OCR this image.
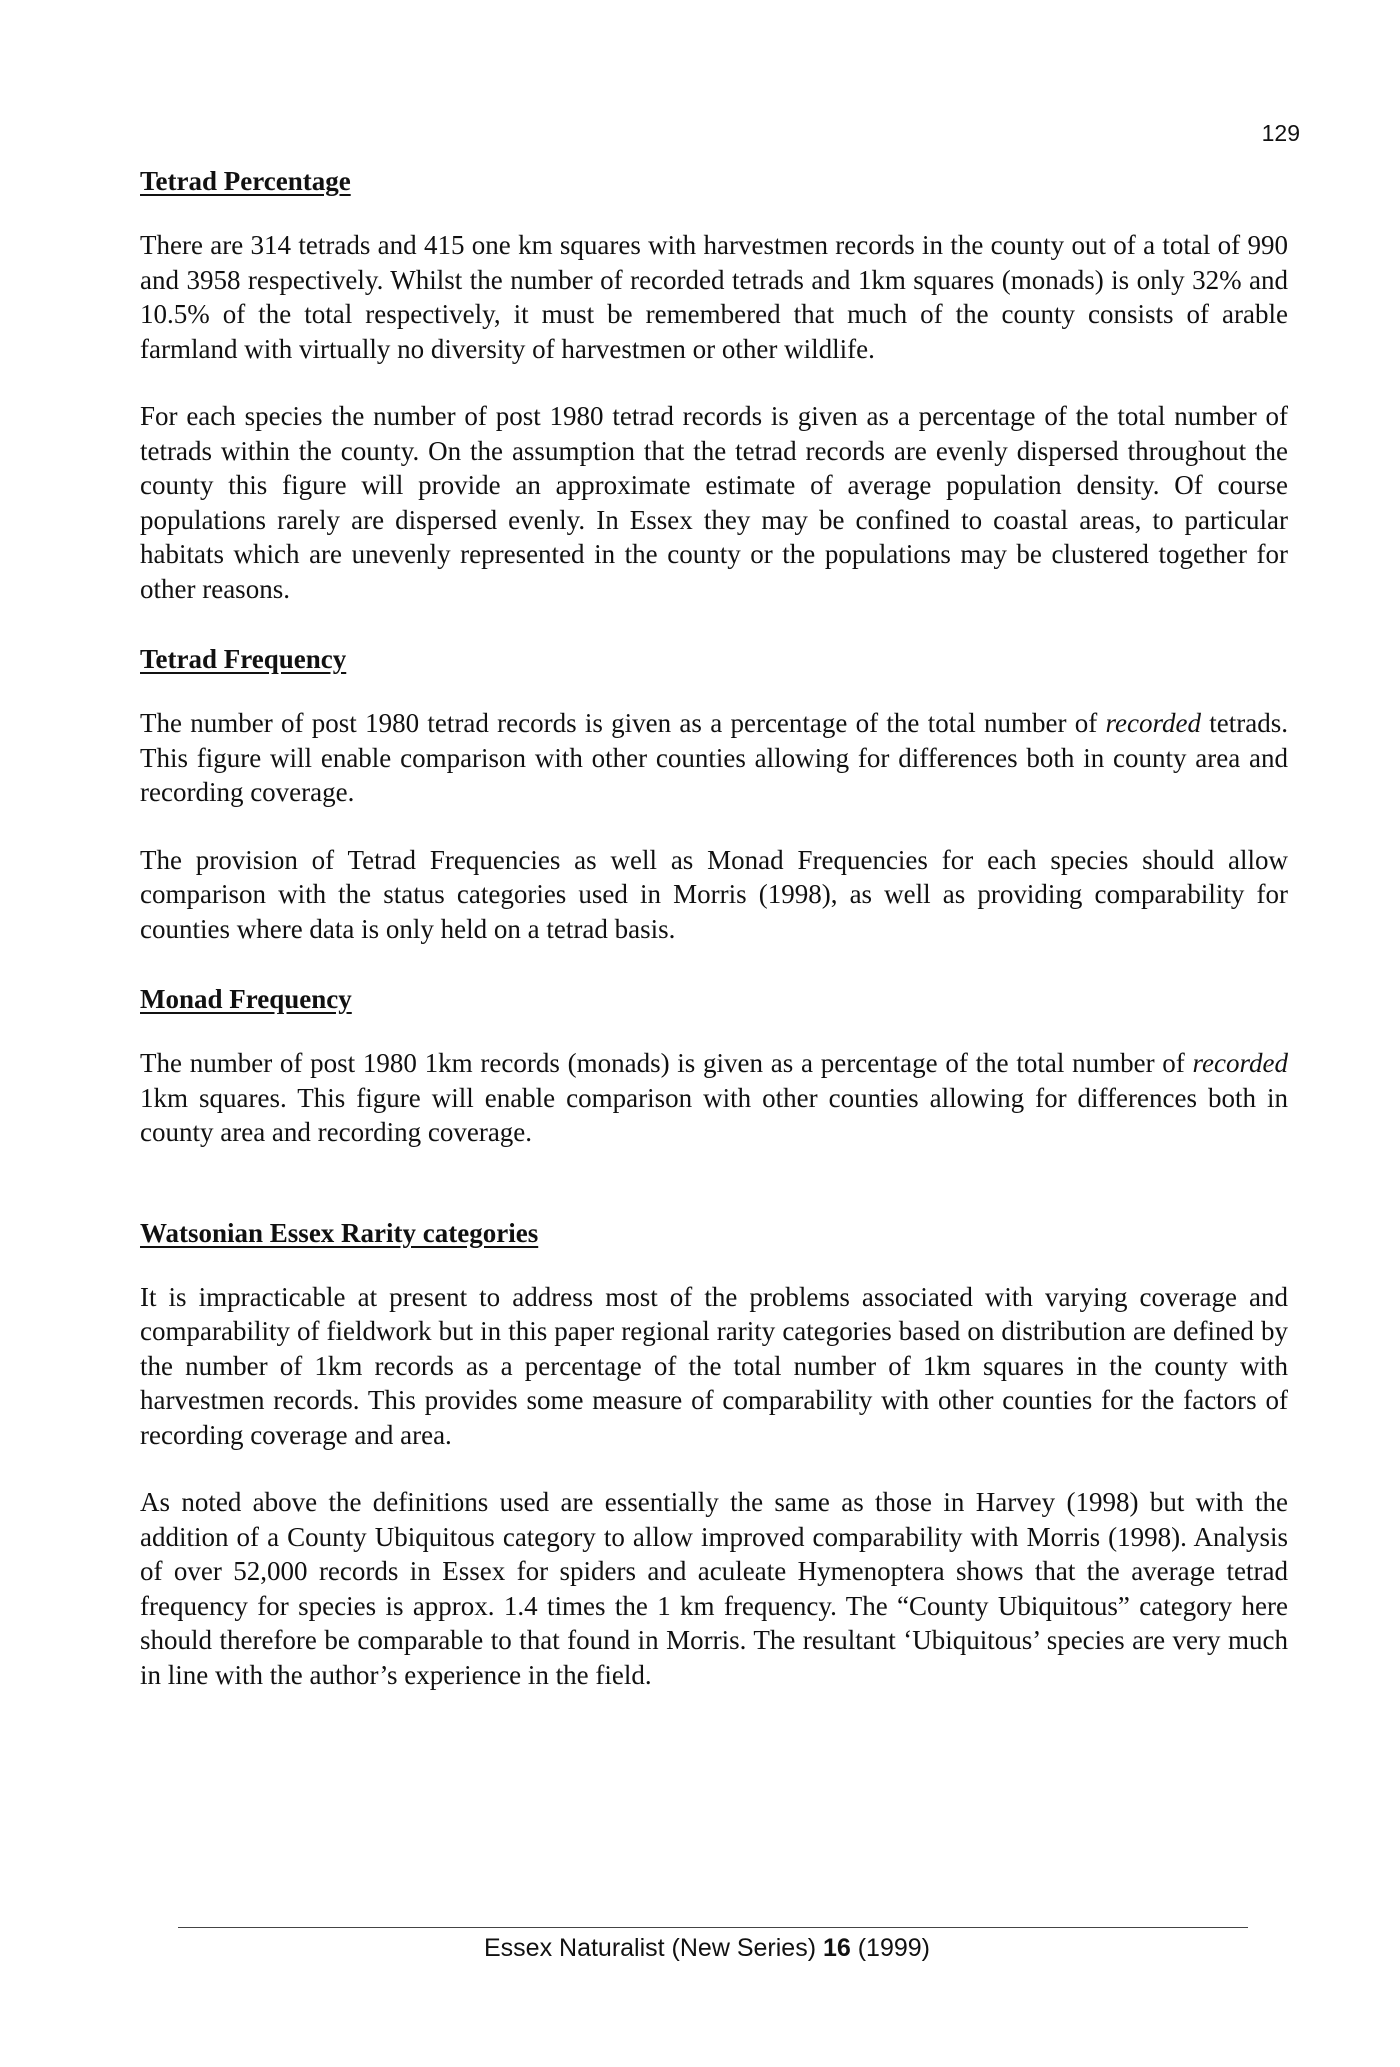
129
Tetrad Percentage

There are 314 tetrads and 415 one km squares with harvestmen records in the county out of a total of 990 and 3958 respectively. Whilst the number of recorded tetrads and 1km squares (monads) is only 32% and 10.5% of the total respectively, it must be remembered that much of the county consists of arable farmland with virtually no diversity of harvestmen or other wildlife.

For each species the number of post 1980 tetrad records is given as a percentage of the total number of tetrads within the county. On the assumption that the tetrad records are evenly dispersed throughout the county this figure will provide an approximate estimate of average population density. Of course populations rarely are dispersed evenly. In Essex they may be confined to coastal areas, to particular habitats which are unevenly represented in the county or the populations may be clustered together for other reasons.

Tetrad Frequency

The number of post 1980 tetrad records is given as a percentage of the total number of recorded tetrads. This figure will enable comparison with other counties allowing for differences both in county area and recording coverage.

The provision of Tetrad Frequencies as well as Monad Frequencies for each species should allow comparison with the status categories used in Morris (1998), as well as providing comparability for counties where data is only held on a tetrad basis.

Monad Frequency

The number of post 1980 1km records (monads) is given as a percentage of the total number of recorded 1km squares. This figure will enable comparison with other counties allowing for differences both in county area and recording coverage.

Watsonian Essex Rarity categories

It is impracticable at present to address most of the problems associated with varying coverage and comparability of fieldwork but in this paper regional rarity categories based on distribution are defined by the number of 1km records as a percentage of the total number of 1km squares in the county with harvestmen records. This provides some measure of comparability with other counties for the factors of recording coverage and area.

As noted above the definitions used are essentially the same as those in Harvey (1998) but with the addition of a County Ubiquitous category to allow improved comparability with Morris (1998). Analysis of over 52,000 records in Essex for spiders and aculeate Hymenoptera shows that the average tetrad frequency for species is approx. 1.4 times the 1 km frequency. The “County Ubiquitous” category here should therefore be comparable to that found in Morris. The resultant ‘Ubiquitous’ species are very much in line with the author’s experience in the field.

Essex Naturalist (New Series) 16 (1999)
